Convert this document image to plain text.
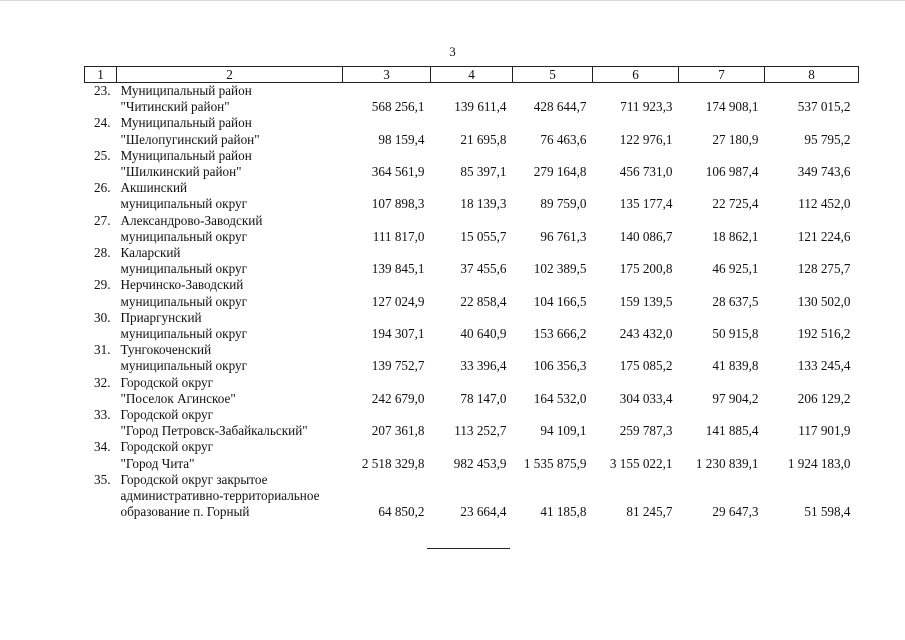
3
1	2	3	4	5	6	7	8
23.	Муниципальный район
"Читинский район"	568 256,1	139 611,4	428 644,7	711 923,3	174 908,1	537 015,2
24.	Муниципальный район
"Шелопугинский район"	98 159,4	21 695,8	76 463,6	122 976,1	27 180,9	95 795,2
25.	Муниципальный район
"Шилкинский район"	364 561,9	85 397,1	279 164,8	456 731,0	106 987,4	349 743,6
26.	Акшинский
муниципальный округ	107 898,3	18 139,3	89 759,0	135 177,4	22 725,4	112 452,0
27.	Александрово-Заводский
муниципальный округ	111 817,0	15 055,7	96 761,3	140 086,7	18 862,1	121 224,6
28.	Каларский
муниципальный округ	139 845,1	37 455,6	102 389,5	175 200,8	46 925,1	128 275,7
29.	Нерчинско-Заводский
муниципальный округ	127 024,9	22 858,4	104 166,5	159 139,5	28 637,5	130 502,0
30.	Приаргунский
муниципальный округ	194 307,1	40 640,9	153 666,2	243 432,0	50 915,8	192 516,2
31.	Тунгокоченский
муниципальный округ	139 752,7	33 396,4	106 356,3	175 085,2	41 839,8	133 245,4
32.	Городской округ
"Поселок Агинское"	242 679,0	78 147,0	164 532,0	304 033,4	97 904,2	206 129,2
33.	Городской округ
"Город Петровск-Забайкальский"	207 361,8	113 252,7	94 109,1	259 787,3	141 885,4	117 901,9
34.	Городской округ
"Город Чита"	2 518 329,8	982 453,9	1 535 875,9	3 155 022,1	1 230 839,1	1 924 183,0
35.	Городской округ закрытое
административно-территориальное
образование п. Горный	64 850,2	23 664,4	41 185,8	81 245,7	29 647,3	51 598,4
